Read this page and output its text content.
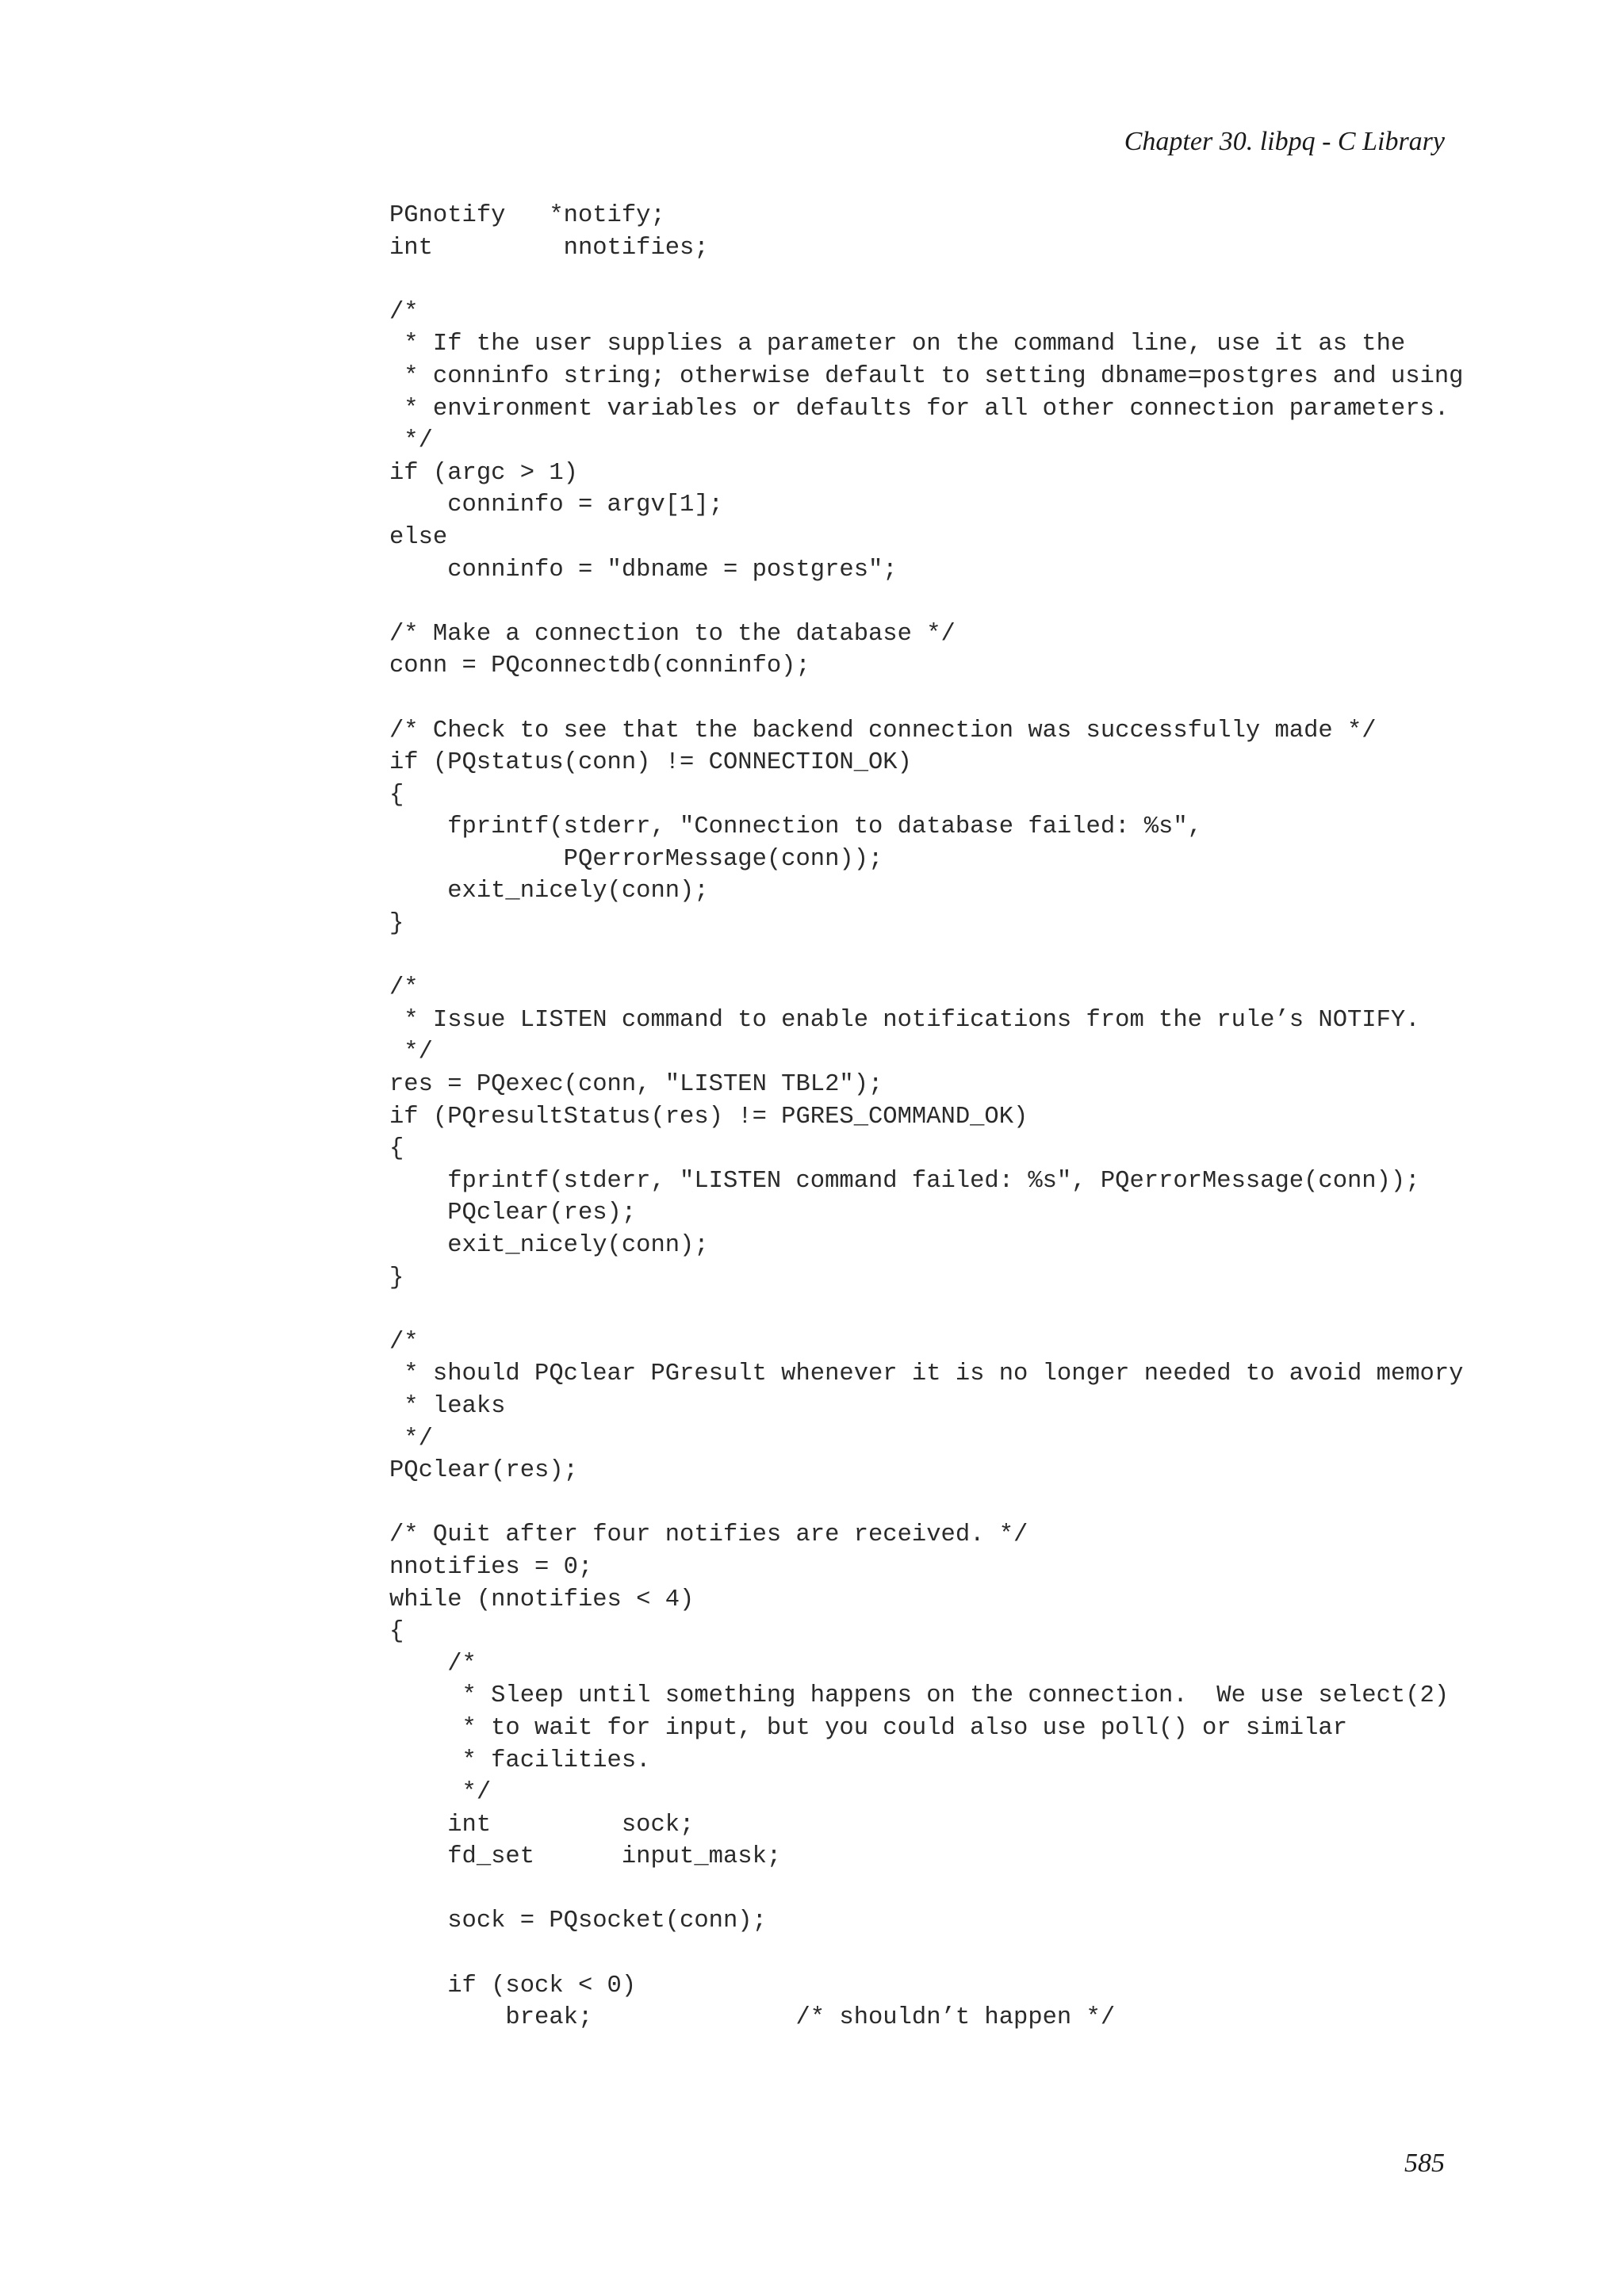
Chapter 30. libpq - C Library
PGnotify   *notify;
int         nnotifies;
/*
* If the user supplies a parameter on the command line, use it as the
* conninfo string; otherwise default to setting dbname=postgres and using
* environment variables or defaults for all other connection parameters.
*/
if (argc > 1)
conninfo = argv[1];
else
conninfo = "dbname = postgres";
/* Make a connection to the database */
conn = PQconnectdb(conninfo);
/* Check to see that the backend connection was successfully made */
if (PQstatus(conn) != CONNECTION_OK)
{
fprintf(stderr, "Connection to database failed: %s",
PQerrorMessage(conn));
exit_nicely(conn);
}
/*
* Issue LISTEN command to enable notifications from the rule’s NOTIFY.
*/
res = PQexec(conn, "LISTEN TBL2");
if (PQresultStatus(res) != PGRES_COMMAND_OK)
{
fprintf(stderr, "LISTEN command failed: %s", PQerrorMessage(conn));
PQclear(res);
exit_nicely(conn);
}
/*
* should PQclear PGresult whenever it is no longer needed to avoid memory
* leaks
*/
PQclear(res);
/* Quit after four notifies are received. */
nnotifies = 0;
while (nnotifies < 4)
{
/*
* Sleep until something happens on the connection.  We use select(2)
* to wait for input, but you could also use poll() or similar
* facilities.
*/
int         sock;
fd_set      input_mask;
sock = PQsocket(conn);
if (sock < 0)
break;              /* shouldn’t happen */
585
